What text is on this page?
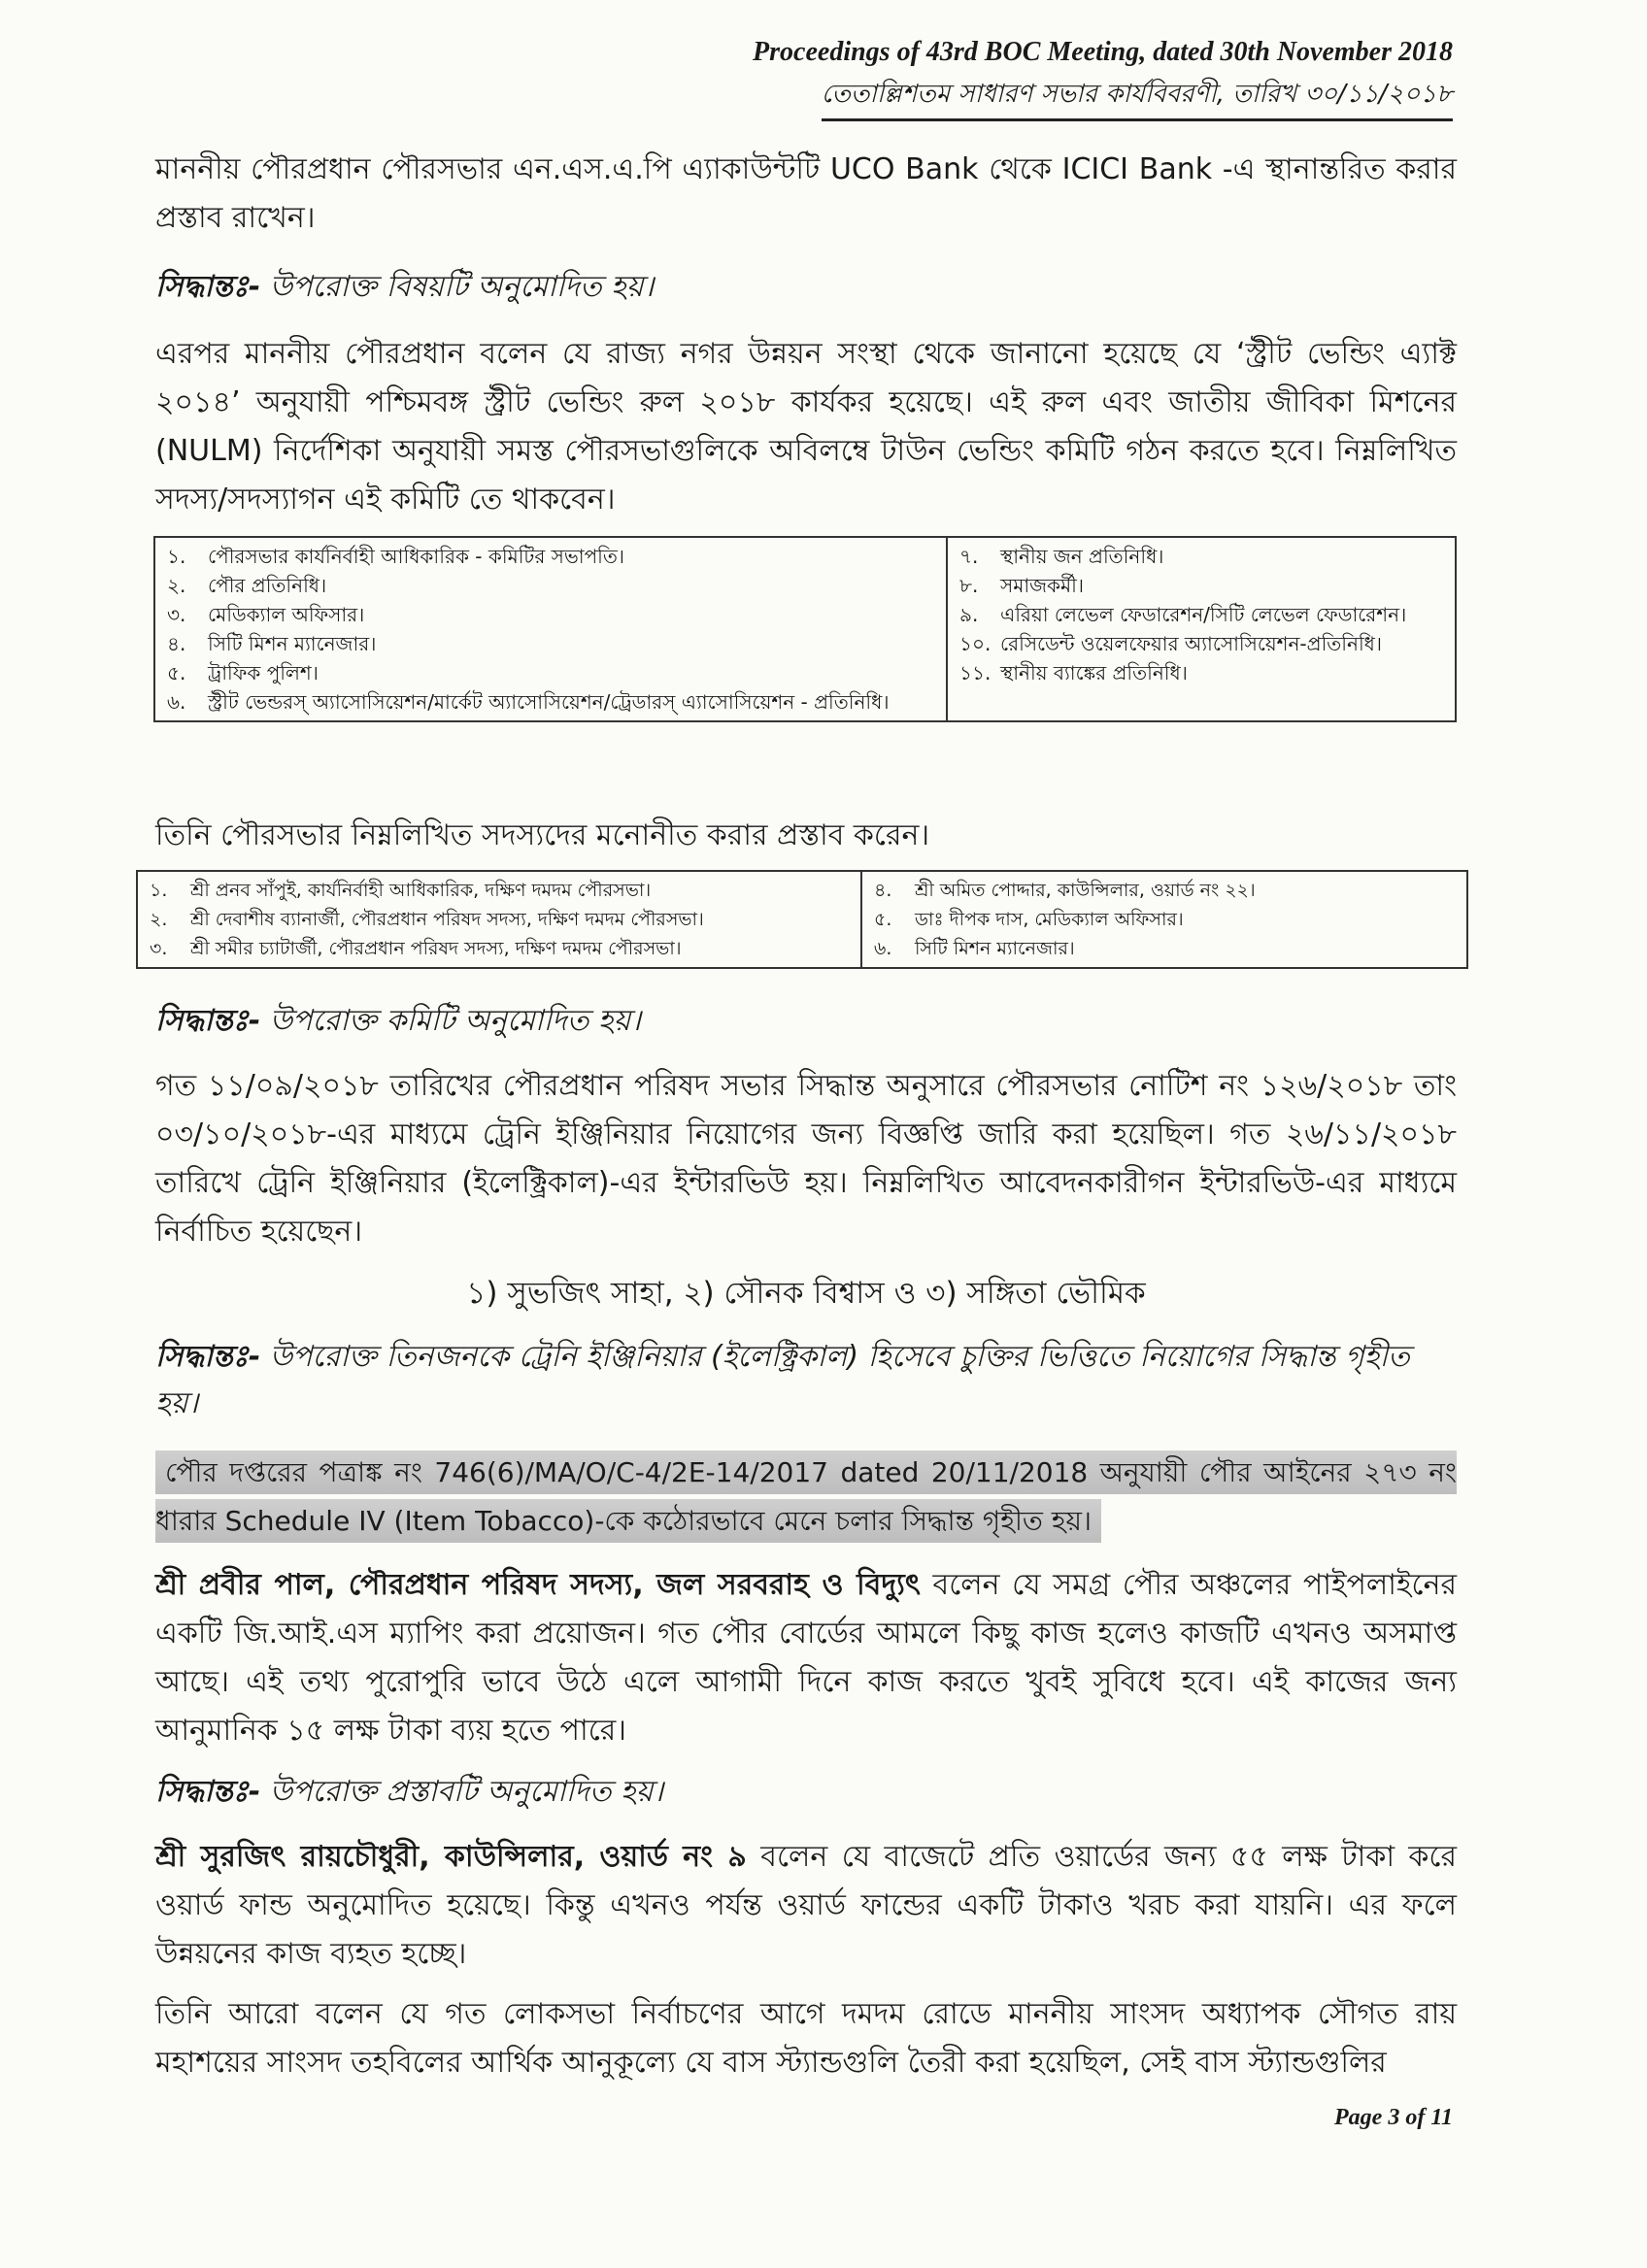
Proceedings of 43rd BOC Meeting, dated 30th November 2018
তেতাল্লিশতম সাধারণ সভার কার্যবিবরণী, তারিখ ৩০/১১/২০১৮
মাননীয় পৌরপ্রধান পৌরসভার এন.এস.এ.পি এ্যাকাউন্টটি UCO Bank থেকে ICICI Bank -এ স্থানান্তরিত করার প্রস্তাব রাখেন।
সিদ্ধান্তঃ- উপরোক্ত বিষয়টি অনুমোদিত হয়।
এরপর মাননীয় পৌরপ্রধান বলেন যে রাজ্য নগর উন্নয়ন সংস্থা থেকে জানানো হয়েছে যে ‘স্ট্রীট ভেন্ডিং এ্যাক্ট ২০১৪’ অনুযায়ী পশ্চিমবঙ্গ স্ট্রীট ভেন্ডিং রুল ২০১৮ কার্যকর হয়েছে। এই রুল এবং জাতীয় জীবিকা মিশনের (NULM) নির্দেশিকা অনুযায়ী সমস্ত পৌরসভাগুলিকে অবিলম্বে টাউন ভেন্ডিং কমিটি গঠন করতে হবে। নিম্নলিখিত সদস্য/সদস্যাগন এই কমিটি তে থাকবেন।
১. পৌরসভার কার্যনির্বাহী আধিকারিক - কমিটির সভাপতি।
২. পৌর প্রতিনিধি।
৩. মেডিক্যাল অফিসার।
৪. সিটি মিশন ম্যানেজার।
৫. ট্রাফিক পুলিশ।
৬.	স্ট্রীট ভেন্ডরস্‌ অ্যাসোসিয়েশন/মার্কেট অ্যাসোসিয়েশন/ট্রেডারস্‌ এ্যাসোসিয়েশন - প্রতিনিধি।

৭. স্থানীয় জন প্রতিনিধি।
৮. সমাজকর্মী।
৯. এরিয়া লেভেল ফেডারেশন/সিটি লেভেল ফেডারেশন।
১০. রেসিডেন্ট ওয়েলফেয়ার অ্যাসোসিয়েশন-প্রতিনিধি।
১১. স্থানীয় ব্যাঙ্কের প্রতিনিধি।
তিনি পৌরসভার নিম্নলিখিত সদস্যদের মনোনীত করার প্রস্তাব করেন।
১. শ্রী প্রনব সাঁপুই, কার্যনির্বাহী আধিকারিক, দক্ষিণ দমদম পৌরসভা।
২. শ্রী দেবাশীষ ব্যানার্জী, পৌরপ্রধান পরিষদ সদস্য, দক্ষিণ দমদম পৌরসভা।
৩. শ্রী সমীর চ্যাটার্জী, পৌরপ্রধান পরিষদ সদস্য, দক্ষিণ দমদম পৌরসভা।

৪. শ্রী অমিত পোদ্দার, কাউন্সিলার, ওয়ার্ড নং ২২।
৫. ডাঃ দীপক দাস, মেডিক্যাল অফিসার।
৬. সিটি মিশন ম্যানেজার।
সিদ্ধান্তঃ- উপরোক্ত কমিটি অনুমোদিত হয়।
গত ১১/০৯/২০১৮ তারিখের পৌরপ্রধান পরিষদ সভার সিদ্ধান্ত অনুসারে পৌরসভার নোটিশ নং ১২৬/২০১৮ তাং ০৩/১০/২০১৮-এর মাধ্যমে ট্রেনি ইঞ্জিনিয়ার নিয়োগের জন্য বিজ্ঞপ্তি জারি করা হয়েছিল। গত ২৬/১১/২০১৮ তারিখে ট্রেনি ইঞ্জিনিয়ার (ইলেক্ট্রিকাল)-এর ইন্টারভিউ হয়। নিম্নলিখিত আবেদনকারীগন ইন্টারভিউ-এর মাধ্যমে নির্বাচিত হয়েছেন।
১) সুভজিৎ সাহা, ২) সৌনক বিশ্বাস ও ৩) সঙ্গিতা ভৌমিক
সিদ্ধান্তঃ- উপরোক্ত তিনজনকে ট্রেনি ইঞ্জিনিয়ার (ইলেক্ট্রিকাল) হিসেবে চুক্তির ভিত্তিতে নিয়োগের সিদ্ধান্ত গৃহীত হয়।
পৌর দপ্তরের পত্রাঙ্ক নং 746(6)/MA/O/C-4/2E-14/2017 dated 20/11/2018 অনুযায়ী পৌর আইনের ২৭৩ নং ধারার Schedule IV (Item Tobacco)-কে কঠোরভাবে মেনে চলার সিদ্ধান্ত গৃহীত হয়।
শ্রী প্রবীর পাল, পৌরপ্রধান পরিষদ সদস্য, জল সরবরাহ ও বিদ্যুৎ বলেন যে সমগ্র পৌর অঞ্চলের পাইপলাইনের একটি জি.আই.এস ম্যাপিং করা প্রয়োজন। গত পৌর বোর্ডের আমলে কিছু কাজ হলেও কাজটি এখনও অসমাপ্ত আছে। এই তথ্য পুরোপুরি ভাবে উঠে এলে আগামী দিনে কাজ করতে খুবই সুবিধে হবে। এই কাজের জন্য আনুমানিক ১৫ লক্ষ টাকা ব্যয় হতে পারে।
সিদ্ধান্তঃ- উপরোক্ত প্রস্তাবটি অনুমোদিত হয়।
শ্রী সুরজিৎ রায়চৌধুরী, কাউন্সিলার, ওয়ার্ড নং ৯ বলেন যে বাজেটে প্রতি ওয়ার্ডের জন্য ৫৫ লক্ষ টাকা করে ওয়ার্ড ফান্ড অনুমোদিত হয়েছে। কিন্তু এখনও পর্যন্ত ওয়ার্ড ফান্ডের একটি টাকাও খরচ করা যায়নি। এর ফলে উন্নয়নের কাজ ব্যহত হচ্ছে।
তিনি আরো বলেন যে গত লোকসভা নির্বাচণের আগে দমদম রোডে মাননীয় সাংসদ অধ্যাপক সৌগত রায় মহাশয়ের সাংসদ তহবিলের আর্থিক আনুকূল্যে যে বাস স্ট্যান্ডগুলি তৈরী করা হয়েছিল, সেই বাস স্ট্যান্ডগুলির
Page 3 of 11
